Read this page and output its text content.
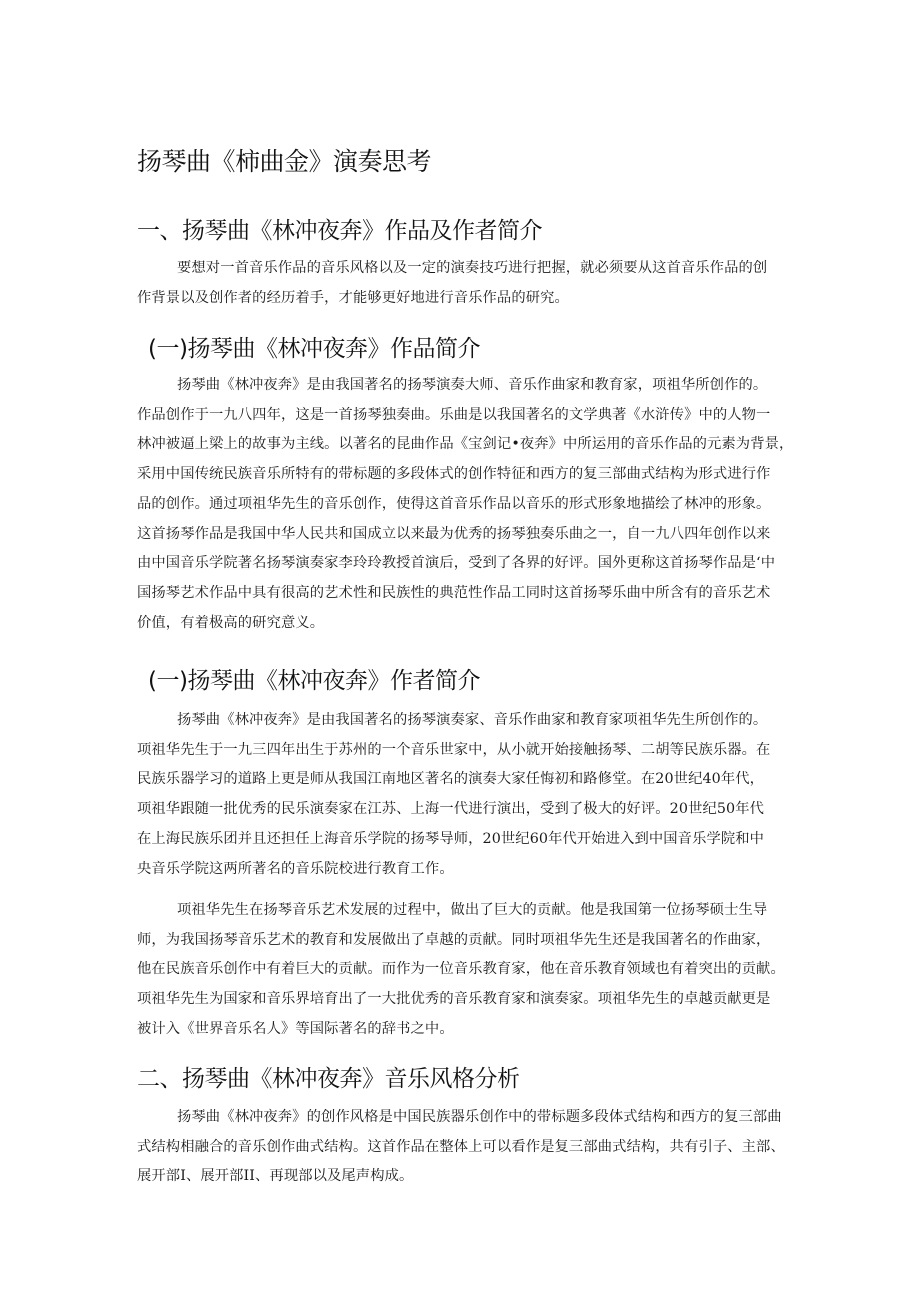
扬琴曲《柿曲金》演奏思考
一、扬琴曲《林冲夜奔》作品及作者简介
要想对一首音乐作品的音乐风格以及一定的演奏技巧进行把握，就必须要从这首音乐作品的创
作背景以及创作者的经历着手，才能够更好地进行音乐作品的研究。
(一)扬琴曲《林冲夜奔》作品简介
扬琴曲《林冲夜奔》是由我国著名的扬琴演奏大师、音乐作曲家和教育家，项祖华所创作的。
作品创作于一九八四年，这是一首扬琴独奏曲。乐曲是以我国著名的文学典著《水浒传》中的人物一
林冲被逼上梁上的故事为主线。以著名的昆曲作品《宝剑记•夜奔》中所运用的音乐作品的元素为背景，
采用中国传统民族音乐所特有的带标题的多段体式的创作特征和西方的复三部曲式结构为形式进行作
品的创作。通过项祖华先生的音乐创作，使得这首音乐作品以音乐的形式形象地描绘了林冲的形象。
这首扬琴作品是我国中华人民共和国成立以来最为优秀的扬琴独奏乐曲之一，自一九八四年创作以来
由中国音乐学院著名扬琴演奏家李玲玲教授首演后，受到了各界的好评。国外更称这首扬琴作品是‘中
国扬琴艺术作品中具有很高的艺术性和民族性的典范性作品工同时这首扬琴乐曲中所含有的音乐艺术
价值，有着极高的研究意义。
(一)扬琴曲《林冲夜奔》作者简介
扬琴曲《林冲夜奔》是由我国著名的扬琴演奏家、音乐作曲家和教育家项祖华先生所创作的。
项祖华先生于一九三四年出生于苏州的一个音乐世家中，从小就开始接触扬琴、二胡等民族乐器。在
民族乐器学习的道路上更是师从我国江南地区著名的演奏大家任悔初和路修堂。在20世纪40年代，
项祖华跟随一批优秀的民乐演奏家在江苏、上海一代进行演出，受到了极大的好评。20世纪50年代
在上海民族乐团并且还担任上海音乐学院的扬琴导师，20世纪60年代开始进入到中国音乐学院和中
央音乐学院这两所著名的音乐院校进行教育工作。
项祖华先生在扬琴音乐艺术发展的过程中，做出了巨大的贡献。他是我国第一位扬琴硕士生导
师，为我国扬琴音乐艺术的教育和发展做出了卓越的贡献。同时项祖华先生还是我国著名的作曲家，
他在民族音乐创作中有着巨大的贡献。而作为一位音乐教育家，他在音乐教育领域也有着突出的贡献。
项祖华先生为国家和音乐界培育出了一大批优秀的音乐教育家和演奏家。项祖华先生的卓越贡献更是
被计入《世界音乐名人》等国际著名的辞书之中。
二、扬琴曲《林冲夜奔》音乐风格分析
扬琴曲《林冲夜奔》的创作风格是中国民族器乐创作中的带标题多段体式结构和西方的复三部曲
式结构相融合的音乐创作曲式结构。这首作品在整体上可以看作是复三部曲式结构，共有引子、主部、
展开部I、展开部II、再现部以及尾声构成。
